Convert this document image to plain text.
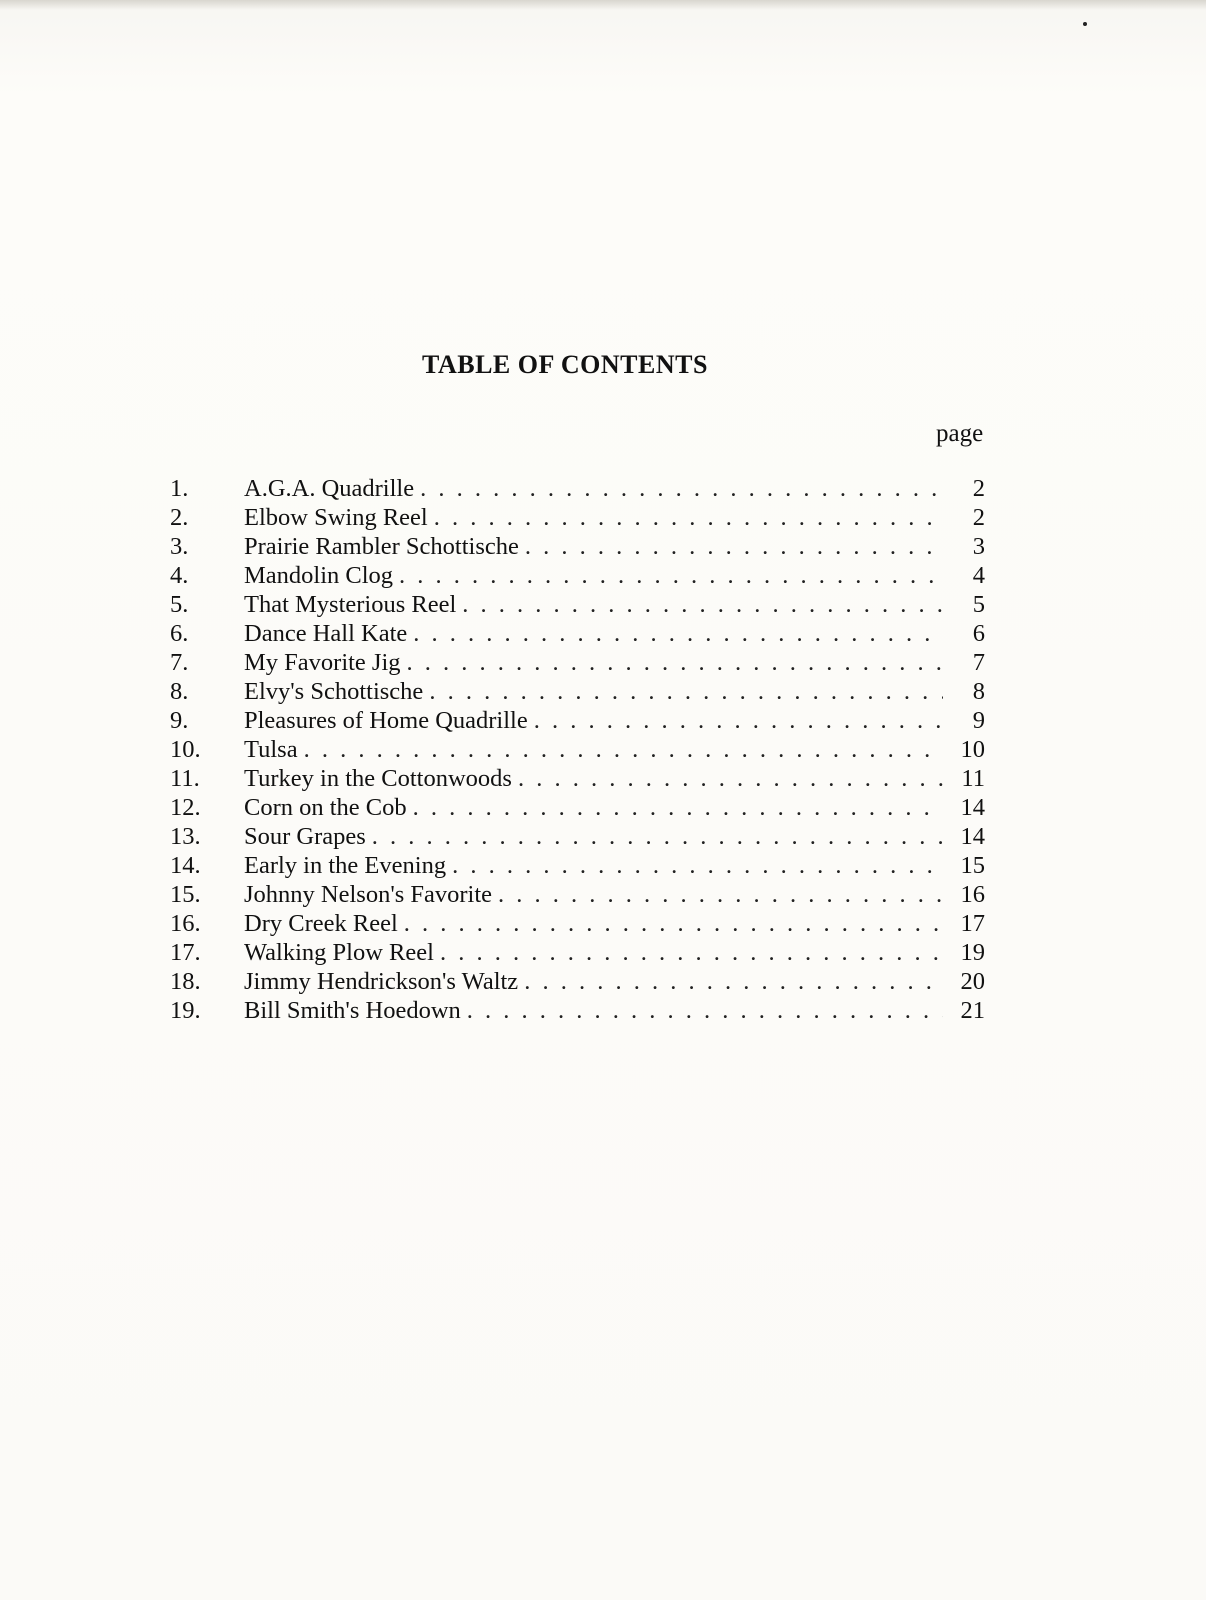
TABLE OF CONTENTS
page
1.	A.G.A. Quadrille . . .	2
2.	Elbow Swing Reel . . .	2
3.	Prairie Rambler Schottische . . .	3
4.	Mandolin Clog . . .	4
5.	That Mysterious Reel . . .	5
6.	Dance Hall Kate . . .	6
7.	My Favorite Jig . . .	7
8.	Elvy's Schottische . . .	8
9.	Pleasures of Home Quadrille . . .	9
10.	Tulsa . . .	10
11.	Turkey in the Cottonwoods . . .	11
12.	Corn on the Cob . . .	14
13.	Sour Grapes . . .	14
14.	Early in the Evening . . .	15
15.	Johnny Nelson's Favorite . . .	16
16.	Dry Creek Reel . . .	17
17.	Walking Plow Reel . . .	19
18.	Jimmy Hendrickson's Waltz . . .	20
19.	Bill Smith's Hoedown . . .	21
